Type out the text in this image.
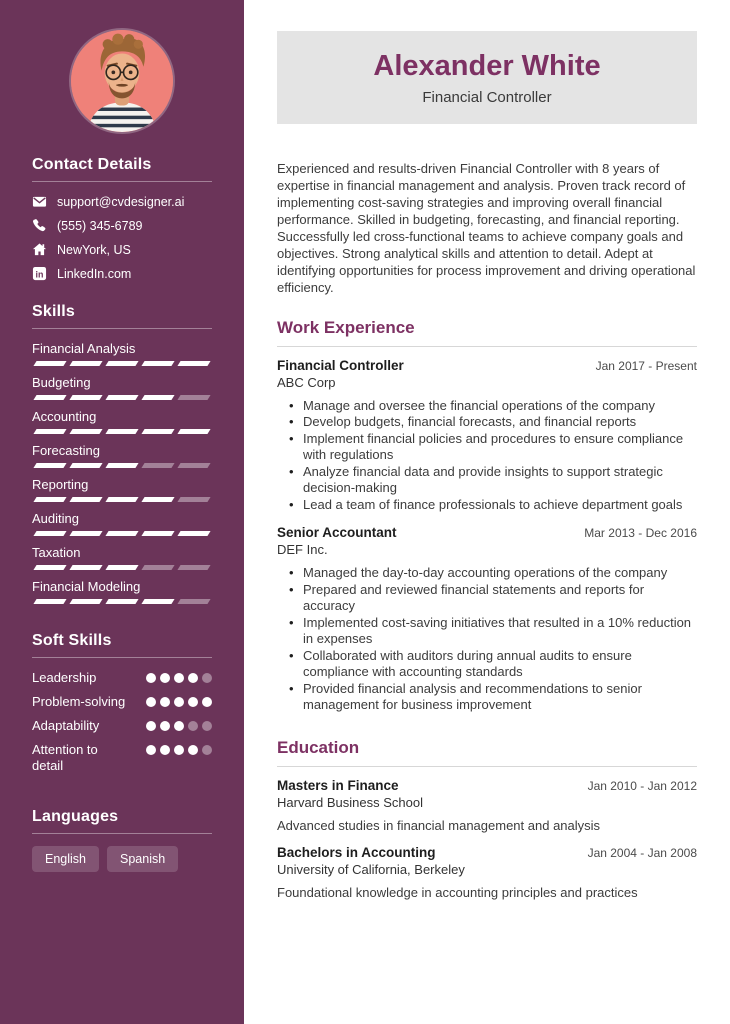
Contact Details
support@cvdesigner.ai
(555) 345-6789
NewYork, US
in LinkedIn.com
Skills
Financial Analysis
Budgeting
Accounting
Forecasting
Reporting
Auditing
Taxation
Financial Modeling
Soft Skills
Leadership
Problem-solving
Adaptability
Attention to detail
Languages
English	Spanish
Alexander White
Financial Controller

Experienced and results-driven Financial Controller with 8 years of expertise in financial management and analysis. Proven track record of implementing cost-saving strategies and improving overall financial performance. Skilled in budgeting, forecasting, and financial reporting. Successfully led cross-functional teams to achieve company goals and objectives. Strong analytical skills and attention to detail. Adept at identifying opportunities for process improvement and driving operational efficiency.

Work Experience
Financial Controller	Jan 2017 - Present
ABC Corp
• Manage and oversee the financial operations of the company
• Develop budgets, financial forecasts, and financial reports
• Implement financial policies and procedures to ensure compliance with regulations
• Analyze financial data and provide insights to support strategic decision-making
• Lead a team of finance professionals to achieve department goals
Senior Accountant	Mar 2013 - Dec 2016
DEF Inc.
• Managed the day-to-day accounting operations of the company
• Prepared and reviewed financial statements and reports for accuracy
• Implemented cost-saving initiatives that resulted in a 10% reduction in expenses
• Collaborated with auditors during annual audits to ensure compliance with accounting standards
• Provided financial analysis and recommendations to senior management for business improvement
Education
Masters in Finance	Jan 2010 - Jan 2012
Harvard Business School
Advanced studies in financial management and analysis
Bachelors in Accounting	Jan 2004 - Jan 2008
University of California, Berkeley
Foundational knowledge in accounting principles and practices
